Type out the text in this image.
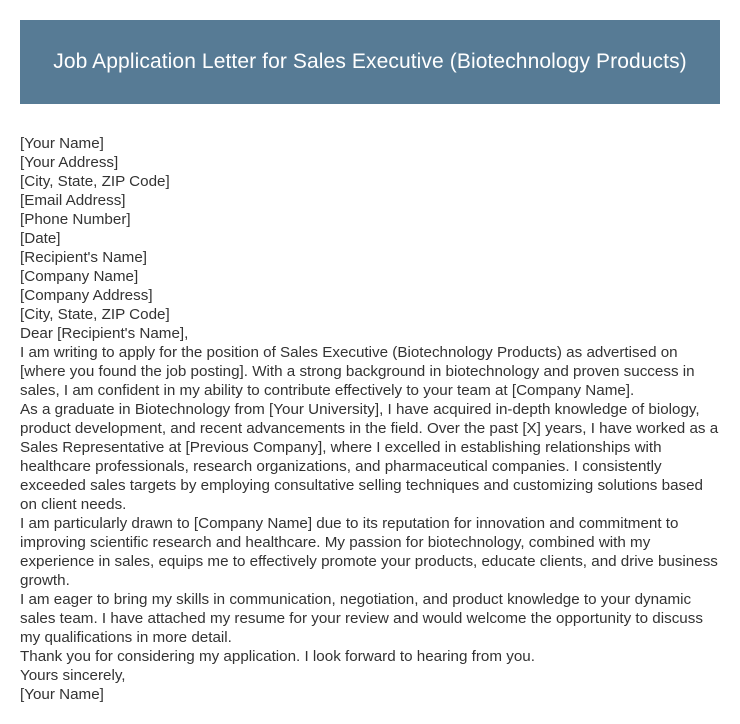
Job Application Letter for Sales Executive (Biotechnology Products)
[Your Name]
[Your Address]
[City, State, ZIP Code]
[Email Address]
[Phone Number]
[Date]
[Recipient's Name]
[Company Name]
[Company Address]
[City, State, ZIP Code]
Dear [Recipient's Name],

I am writing to apply for the position of Sales Executive (Biotechnology Products) as advertised on [where you found the job posting]. With a strong background in biotechnology and proven success in sales, I am confident in my ability to contribute effectively to your team at [Company Name].

As a graduate in Biotechnology from [Your University], I have acquired in-depth knowledge of biology, product development, and recent advancements in the field. Over the past [X] years, I have worked as a Sales Representative at [Previous Company], where I excelled in establishing relationships with healthcare professionals, research organizations, and pharmaceutical companies. I consistently exceeded sales targets by employing consultative selling techniques and customizing solutions based on client needs.

I am particularly drawn to [Company Name] due to its reputation for innovation and commitment to improving scientific research and healthcare. My passion for biotechnology, combined with my experience in sales, equips me to effectively promote your products, educate clients, and drive business growth.

I am eager to bring my skills in communication, negotiation, and product knowledge to your dynamic sales team. I have attached my resume for your review and would welcome the opportunity to discuss my qualifications in more detail.

Thank you for considering my application. I look forward to hearing from you.

Yours sincerely,
[Your Name]
